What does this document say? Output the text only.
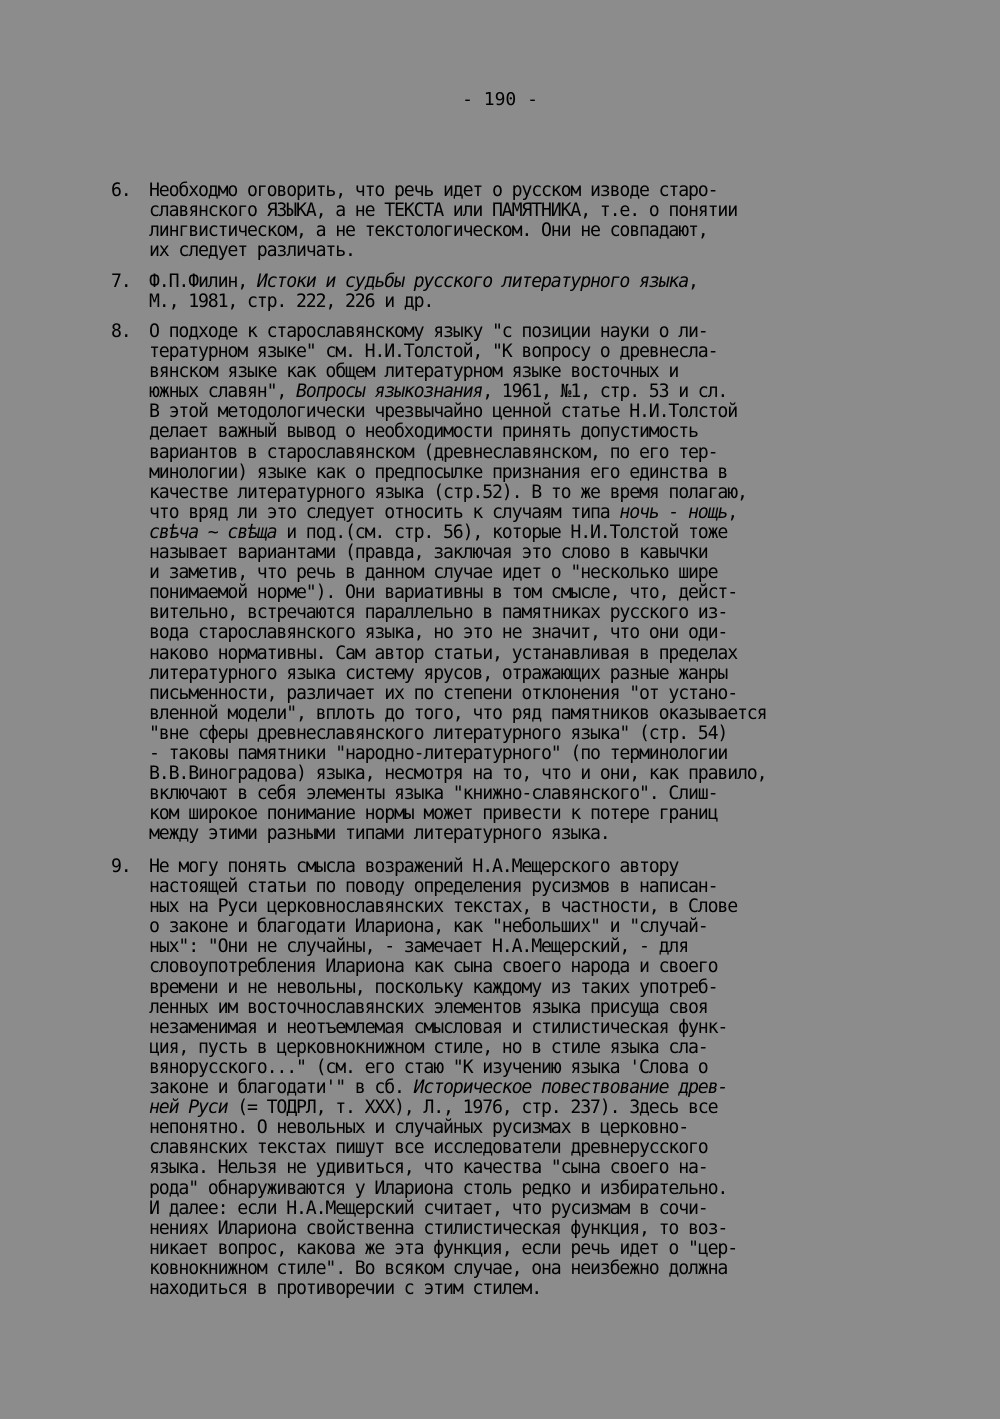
- 190 -
6.	Необходмо оговорить, что речь идет о русском изводе старо-
славянского ЯЗЫКА, а не ТЕКСТА или ПАМЯТНИКА, т.е. о понятии
лингвистическом, а не текстологическом. Они не совпадают,
их следует различать.
7.	Ф.П.Филин, Истоки и судьбы русского литературного языка,
М., 1981, стр. 222, 226 и др.
8.	О подходе к старославянскому языку "с позиции науки о ли-
тературном языке" см. Н.И.Толстой, "К вопросу о древнесла-
вянском языке как общем литературном языке восточных и
южных славян", Вопросы языкознания, 1961, №1, стр. 53 и сл.
В этой методологически чрезвычайно ценной статье Н.И.Толстой
делает важный вывод о необходимости принять допустимость
вариантов в старославянском (древнеславянском, по его тер-
минологии) языке как о предпосылке признания его единства в
качестве литературного языка (стр.52). В то же время полагаю,
что вряд ли это следует относить к случаям типа ночь - нощь,
свѣча ~ свѣща и под.(см. стр. 56), которые Н.И.Толстой тоже
называет вариантами (правда, заключая это слово в кавычки
и заметив, что речь в данном случае идет о "несколько шире
понимаемой норме"). Они вариативны в том смысле, что, дейст-
вительно, встречаются параллельно в памятниках русского из-
вода старославянского языка, но это не значит, что они оди-
наково нормативны. Сам автор статьи, устанавливая в пределах
литературного языка систему ярусов, отражающих разные жанры
письменности, различает их по степени отклонения "от устано-
вленной модели", вплоть до того, что ряд памятников оказывается
"вне сферы древнеславянского литературного языка" (стр. 54)
- таковы памятники "народно-литературного" (по терминологии
В.В.Виноградова) языка, несмотря на то, что и они, как правило,
включают в себя элементы языка "книжно-славянского". Слиш-
ком широкое понимание нормы может привести к потере границ
между этими разными типами литературного языка.
9.	Не могу понять смысла возражений Н.А.Мещерского автору
настоящей статьи по поводу определения русизмов в написан-
ных на Руси церковнославянских текстах, в частности, в Слове
о законе и благодати Илариона, как "небольших" и "случай-
ных": "Они не случайны, - замечает Н.А.Мещерский, - для
словоупотребления Илариона как сына своего народа и своего
времени и не невольны, поскольку каждому из таких употреб-
ленных им восточнославянских элементов языка присуща своя
незаменимая и неотъемлемая смысловая и стилистическая функ-
ция, пусть в церковнокнижном стиле, но в стиле языка сла-
вянорусского..." (см. его стаю "К изучению языка 'Слова о
законе и благодати'" в сб. Историческое повествование древ-
ней Руси (= ТОДРЛ, т. XXX), Л., 1976, стр. 237). Здесь все
непонятно. О невольных и случайных русизмах в церковно-
славянских текстах пишут все исследователи древнерусского
языка. Нельзя не удивиться, что качества "сына своего на-
рода" обнаруживаются у Илариона столь редко и избирательно.
И далее: если Н.А.Мещерский считает, что русизмам в сочи-
нениях Илариона свойственна стилистическая функция, то воз-
никает вопрос, какова же эта функция, если речь идет о "цер-
ковнокнижном стиле". Во всяком случае, она неизбежно должна
находиться в противоречии с этим стилем.
